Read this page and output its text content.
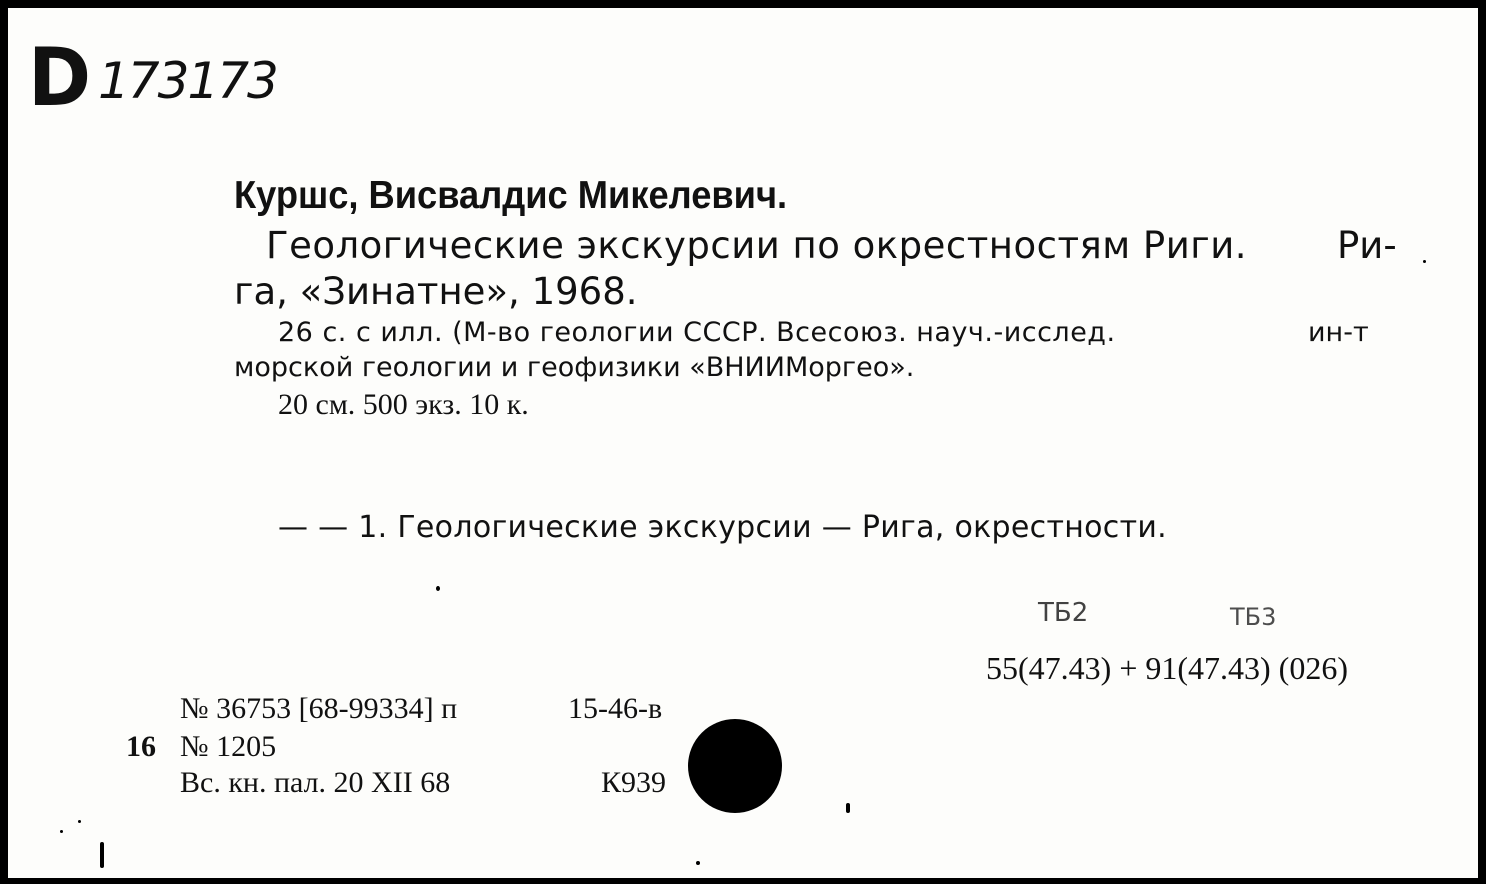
D 173173
Куршс, Висвалдис Микелевич.
Геологические экскурсии по окрестностям Риги. Ри-
га, «Зинатне», 1968.
26 с. с илл. (М-во геологии СССР. Всесоюз. науч.-исслед.	ин-т
морской геологии и геофизики «ВНИИМоргео».
20 см. 500 экз. 10 к.
— — 1. Геологические экскурсии — Рига, окрестности.
ТБ2	ТБ3
55(47.43) + 91(47.43) (026)
№ 36753 [68-99334] п	15-46-в
16 № 1205
Вс. кн. пал. 20 XII 68	К939
